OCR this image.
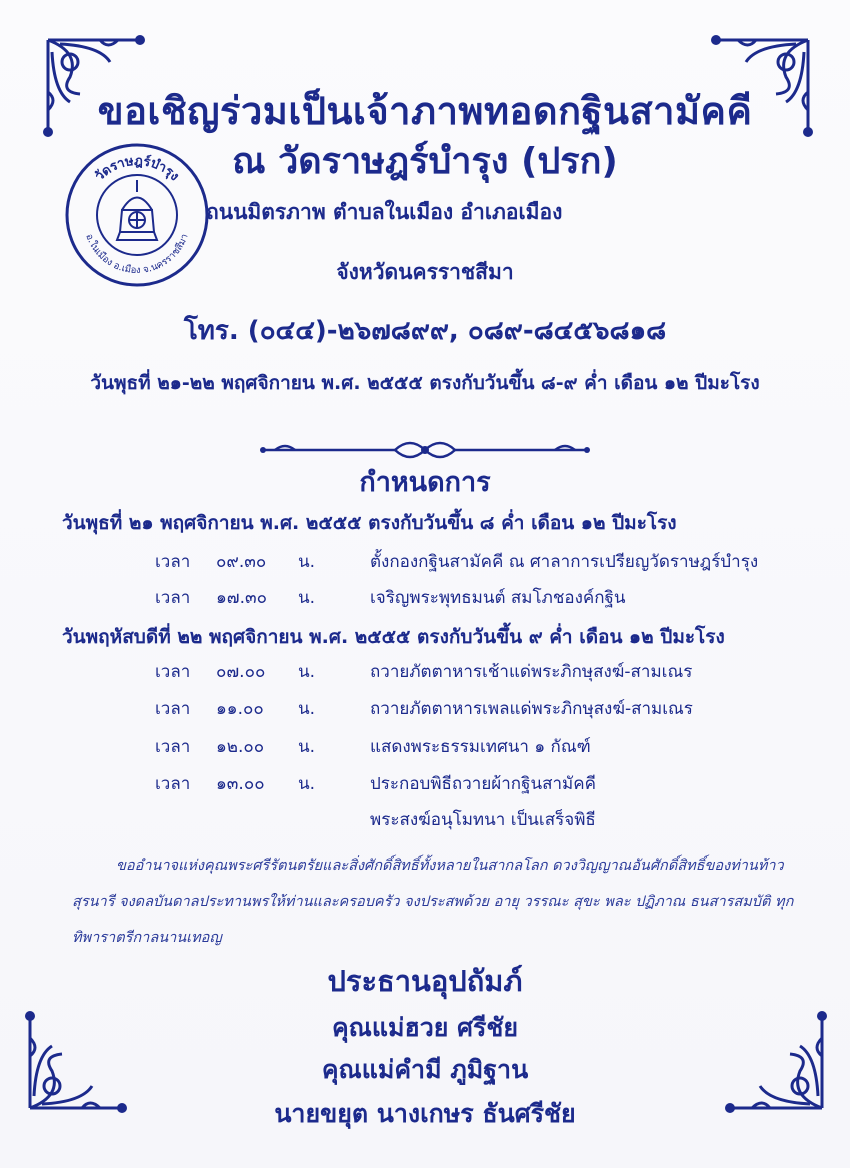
ขอเชิญร่วมเป็นเจ้าภาพทอดกฐินสามัคคี
ณ วัดราษฎร์บำรุง (ปรก)
วัดราษฎร์บำรุง
อ.ในเมือง อ.เมือง จ.นครราชสีมา
ถนนมิตรภาพ ตำบลในเมือง อำเภอเมือง
จังหวัดนครราชสีมา
โทร. (๐๔๔)-๒๖๗๘๙๙, ๐๘๙-๘๔๕๖๘๑๘
วันพุธที่ ๒๑-๒๒ พฤศจิกายน พ.ศ. ๒๕๕๕ ตรงกับวันขึ้น ๘-๙ ค่ำ เดือน ๑๒ ปีมะโรง
กำหนดการ
วันพุธที่ ๒๑ พฤศจิกายน พ.ศ. ๒๕๕๕ ตรงกับวันขึ้น ๘ ค่ำ เดือน ๑๒ ปีมะโรง
เวลา ๐๙.๓๐ น.	ตั้งกองกฐินสามัคคี ณ ศาลาการเปรียญวัดราษฎร์บำรุง
เวลา ๑๗.๓๐ น.	เจริญพระพุทธมนต์ สมโภชองค์กฐิน
วันพฤหัสบดีที่ ๒๒ พฤศจิกายน พ.ศ. ๒๕๕๕ ตรงกับวันขึ้น ๙ ค่ำ เดือน ๑๒ ปีมะโรง
เวลา ๐๗.๐๐ น.	ถวายภัตตาหารเช้าแด่พระภิกษุสงฆ์-สามเณร
เวลา ๑๑.๐๐ น.	ถวายภัตตาหารเพลแด่พระภิกษุสงฆ์-สามเณร
เวลา ๑๒.๐๐ น.	แสดงพระธรรมเทศนา ๑ กัณฑ์
เวลา ๑๓.๐๐ น.	ประกอบพิธีถวายผ้ากฐินสามัคคี
พระสงฆ์อนุโมทนา เป็นเสร็จพิธี
ขออำนาจแห่งคุณพระศรีรัตนตรัยและสิ่งศักดิ์สิทธิ์ทั้งหลายในสากลโลก ดวงวิญญาณอันศักดิ์สิทธิ์ของท่านท้าวสุรนารี จงดลบันดาลประทานพรให้ท่านและครอบครัว จงประสพด้วย อายุ วรรณะ สุขะ พละ ปฏิภาณ ธนสารสมบัติ ทุกทิพาราตรีกาลนานเทอญ
ประธานอุปถัมภ์
คุณแม่ฮวย ศรีชัย
คุณแม่คำมี ภูมิฐาน
นายขยุต นางเกษร ธันศรีชัย
